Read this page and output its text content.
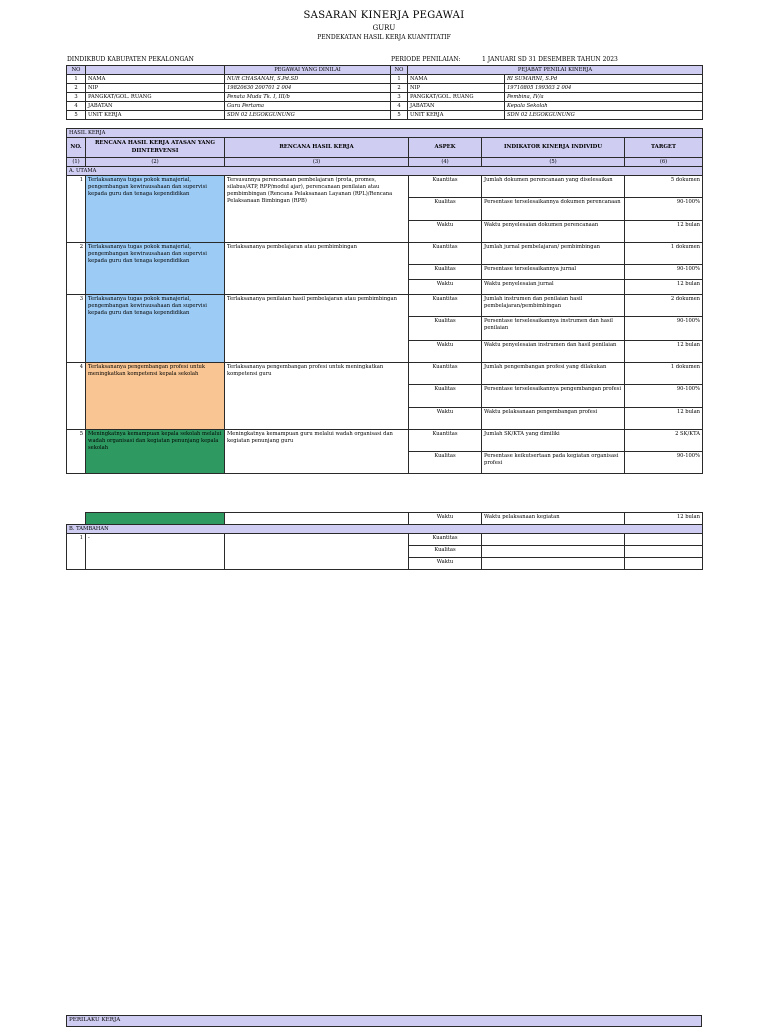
SASARAN KINERJA PEGAWAI
GURU
PENDEKATAN HASIL KERJA KUANTITATIF
DINDIKBUD KABUPATEN PEKALONGAN	PERIODE PENILAIAN:	1 JANUARI SD 31 DESEMBER TAHUN 2023
NO		PEGAWAI YANG DINILAI	NO	PEJABAT PENILAI KINERJA	
1	NAMA	NUR CHASANAH, S.Pd.SD	1	NAMA	RI SUMARNI, S.Pd
2	NIP	19820630 200701 2 004	2	NIP	19710805 199303 2 004
3	PANGKAT/GOL. RUANG	Penata Muda Tk. I, III/b	3	PANGKAT/GOL. RUANG	Pembina, IV/a
4	JABATAN	Guru Pertama	4	JABATAN	Kepala Sekolah
5	UNIT KERJA	SDN 02 LEGOKGUNUNG	5	UNIT KERJA	SDN 02 LEGOKGUNUNG
HASIL KERJA					
NO.	RENCANA HASIL KERJA ATASAN YANG DIINTERVENSI	RENCANA HASIL KERJA	ASPEK	INDIKATOR KINERJA INDIVIDU	TARGET
(1)	(2)	(3)	(4)	(5)	(6)
A. UTAMA					
1	Terlaksananya tugas pokok manajerial, pengembangan kewirausahaan dan supervisi kepada guru dan tenaga kependidikan	Tersusunnya perencanaan pembelajaran (prota, promes, silabus/ATP, RPP/modul ajar), perencanaan penilaian atau pembimbingan (Rencana Pelaksanaan Layanan (RPL)/Rencana Pelaksanaan Bimbingan (RPB)	Kuantitas	Jumlah dokumen perencanaan yang diselesaikan	5 dokumen
			Kualitas	Persentase terselesaikannya dokumen perencanaan	90-100%
			Waktu	Waktu penyelesaian dokumen perencanaan	12 bulan
2	Terlaksananya tugas pokok manajerial, pengembangan kewirausahaan dan supervisi kepada guru dan tenaga kependidikan	Terlaksananya pembelajaran atau pembimbingan	Kuantitas	Jumlah jurnal pembelajaran/ pembimbingan	1 dokumen
			Kualitas	Persentase terselesaikannya jurnal	90-100%
			Waktu	Waktu penyelesaian jurnal	12 bulan
3	Terlaksananya tugas pokok manajerial, pengembangan kewirausahaan dan supervisi kepada guru dan tenaga kependidikan	Terlaksananya penilaian hasil pembelajaran atau pembimbingan	Kuantitas	Jumlah instrumen dan penilaian hasil pembelajaran/pembimbingan	2 dokumen
			Kualitas	Persentase terselesaikannya instrumen dan hasil penilaian	90-100%
			Waktu	Waktu penyelesaian instrumen dan hasil penilaian	12 bulan
4	Terlaksananya pengembangan profesi untuk meningkatkan kompetensi kepala sekolah	Terlaksananya pengembangan profesi untuk meningkatkan kompetensi guru	Kuantitas	Jumlah pengembangan profesi yang dilakukan	1 dokumen
			Kualitas	Persentase terselesaikannya pengembangan profesi	90-100%
			Waktu	Waktu pelaksanaan pengembangan profesi	12 bulan
5	Meningkatnya kemampuan kepala sekolah melalui wadah organisasi dan kegiatan penunjang kepala sekolah	Meningkatnya kemampuan guru melalui wadah organisasi dan kegiatan penunjang guru	Kuantitas	Jumlah SK/KTA yang dimiliki	2 SK/KTA
			Kualitas	Persentase keikutsertaan pada kegiatan organisasi profesi	90-100%
			Waktu	Waktu pelaksanaan kegiatan	12 bulan
B. TAMBAHAN					
1	-		Kuantitas		
			Kualitas		
			Waktu		
PERILAKU KERJA
